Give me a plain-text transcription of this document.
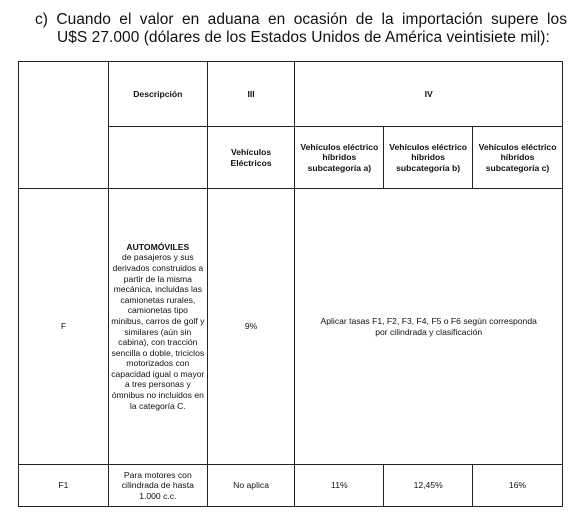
c) Cuando el valor en aduana en ocasión de la importación supere los
U$S 27.000 (dólares de los Estados Unidos de América veintisiete mil):
	Descripción	III	IV		
		Vehículos Eléctricos	Vehículos eléctrico híbridos subcategoría a)	Vehículos eléctrico híbridos subcategoría b)	Vehículos eléctrico híbridos subcategoría c)
F	AUTOMÓVILES
de pasajeros y sus derivados construidos a partir de la misma mecánica, incluidas las camionetas rurales, camionetas tipo minibus, carros de golf y similares (aún sin cabina), con tracción sencilla o doble, triciclos motorizados con capacidad igual o mayor a tres personas y ómnibus no incluidos en la categoría C.	9%	Aplicar tasas F1, F2, F3, F4, F5 o F6 según corresponda por cilindrada y clasificación		
F1	Para motores con cilindrada de hasta 1.000 c.c.	No aplica	11%	12,45%	16%
